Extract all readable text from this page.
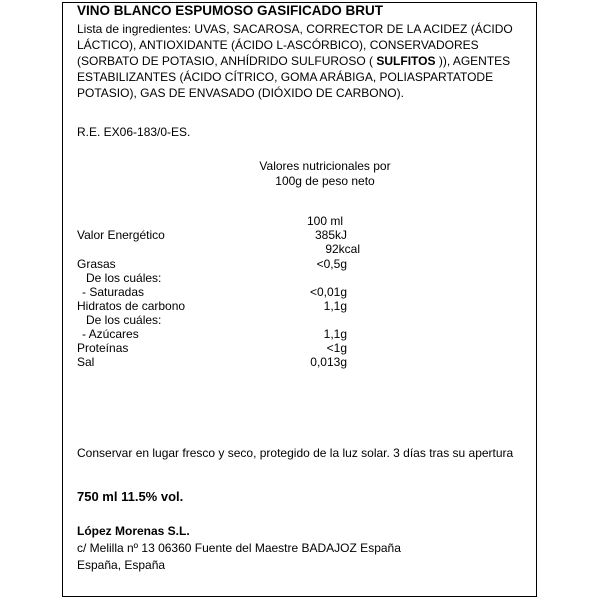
VINO BLANCO ESPUMOSO GASIFICADO BRUT
Lista de ingredientes: UVAS, SACAROSA, CORRECTOR DE LA ACIDEZ (ÁCIDO LÁCTICO), ANTIOXIDANTE (ÁCIDO L-ASCÓRBICO), CONSERVADORES (SORBATO DE POTASIO, ANHÍDRIDO SULFUROSO ( SULFITOS )), AGENTES ESTABILIZANTES (ÁCIDO CÍTRICO, GOMA ARÁBIGA, POLIASPARTATODE POTASIO), GAS DE ENVASADO (DIÓXIDO DE CARBONO).
R.E. EX06-183/0-ES.
Valores nutricionales por
100g de peso neto
100 ml
Valor Energético	385kJ
92kcal
Grasas	<0,5g
De los cuáles:
- Saturadas	<0,01g
Hidratos de carbono	1,1g
De los cuáles:
- Azúcares	1,1g
Proteínas	<1g
Sal	0,013g
Conservar en lugar fresco y seco, protegido de la luz solar. 3 días tras su apertura
750 ml 11.5% vol.
López Morenas S.L.
c/ Melilla nº 13 06360 Fuente del Maestre BADAJOZ España
España, España
